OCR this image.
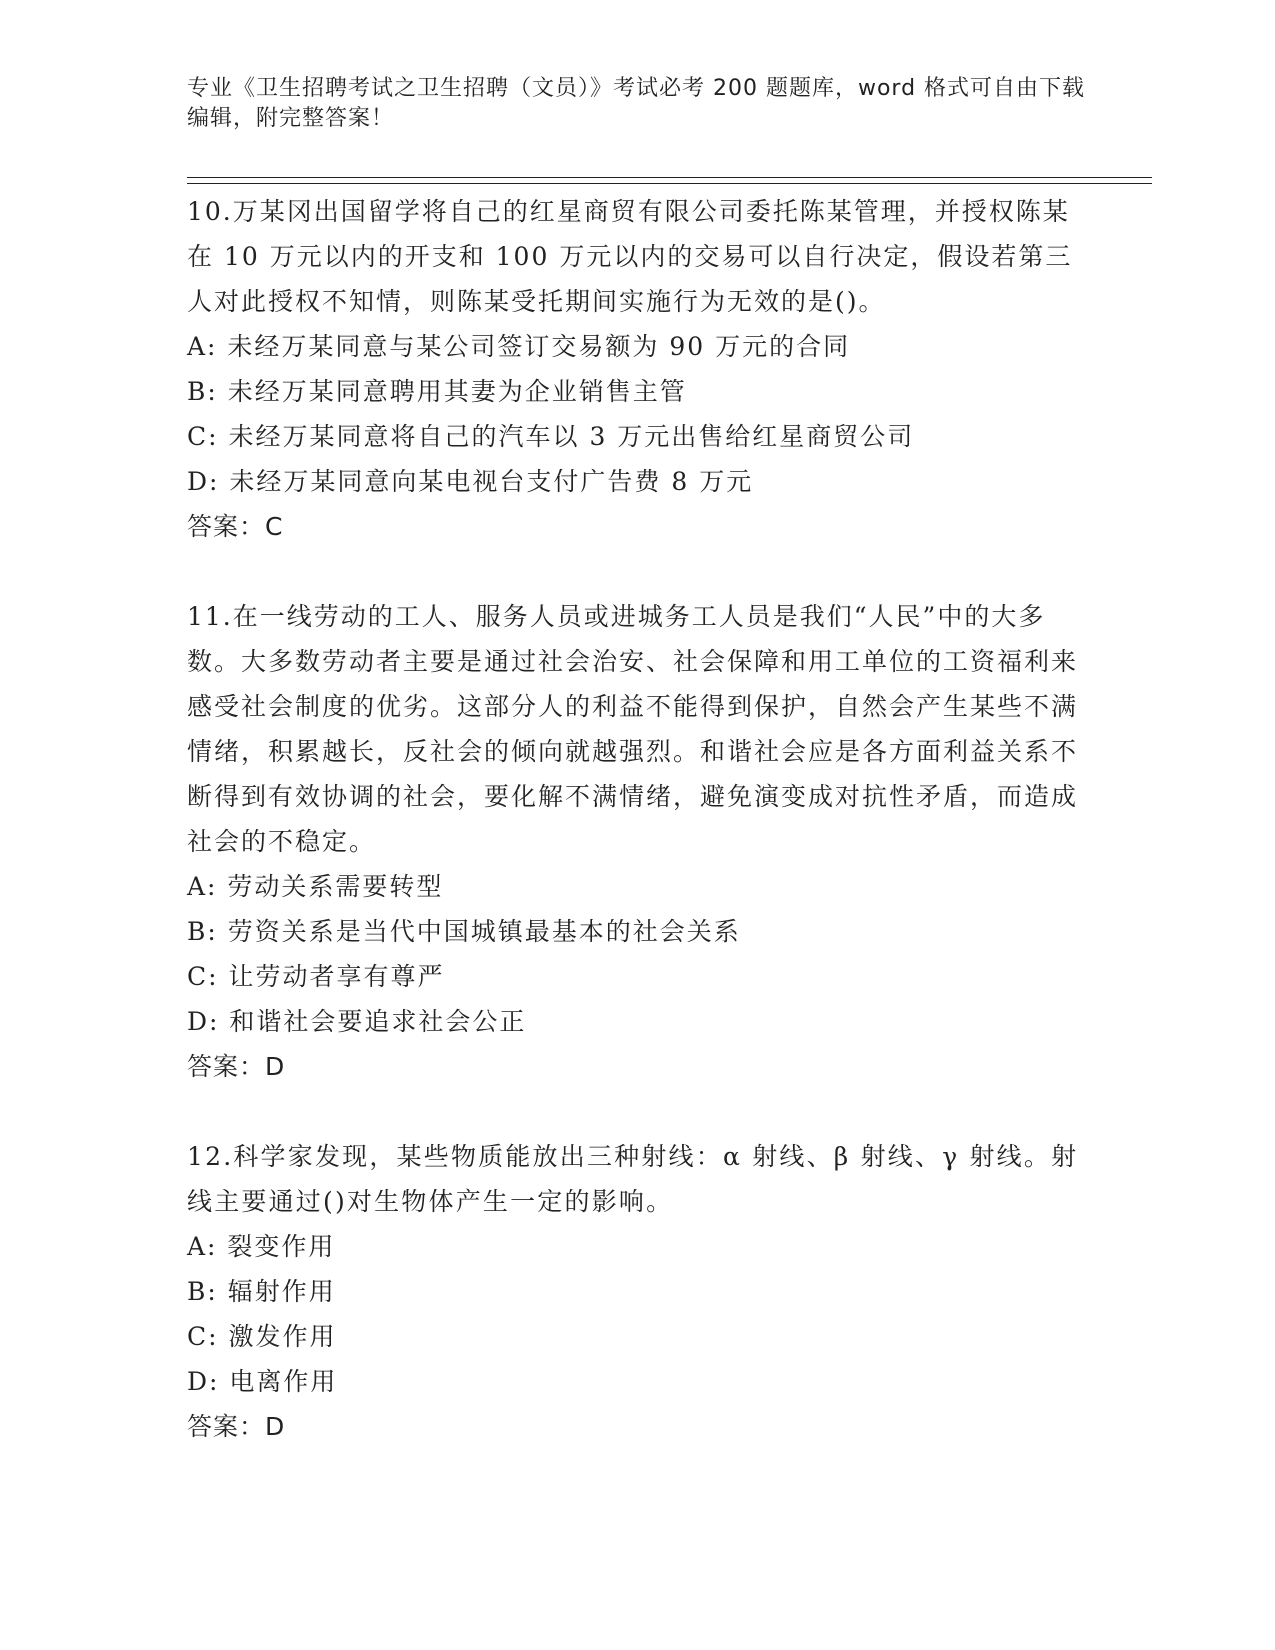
专业《卫生招聘考试之卫生招聘（文员）》考试必考 200 题题库，word 格式可自由下载编辑，附完整答案！
10.万某冈出国留学将自己的红星商贸有限公司委托陈某管理，并授权陈某在 10 万元以内的开支和 100 万元以内的交易可以自行决定，假设若第三人对此授权不知情，则陈某受托期间实施行为无效的是()。
A: 未经万某同意与某公司签订交易额为 90 万元的合同
B: 未经万某同意聘用其妻为企业销售主管
C: 未经万某同意将自己的汽车以 3 万元出售给红星商贸公司
D: 未经万某同意向某电视台支付广告费 8 万元
答案：C
11.在一线劳动的工人、服务人员或进城务工人员是我们“人民”中的大多数。大多数劳动者主要是通过社会治安、社会保障和用工单位的工资福利来感受社会制度的优劣。这部分人的利益不能得到保护，自然会产生某些不满情绪，积累越长，反社会的倾向就越强烈。和谐社会应是各方面利益关系不断得到有效协调的社会，要化解不满情绪，避免演变成对抗性矛盾，而造成社会的不稳定。
A: 劳动关系需要转型
B: 劳资关系是当代中国城镇最基本的社会关系
C: 让劳动者享有尊严
D: 和谐社会要追求社会公正
答案：D
12.科学家发现，某些物质能放出三种射线：α 射线、β 射线、γ 射线。射线主要通过()对生物体产生一定的影响。
A: 裂变作用
B: 辐射作用
C: 激发作用
D: 电离作用
答案：D
